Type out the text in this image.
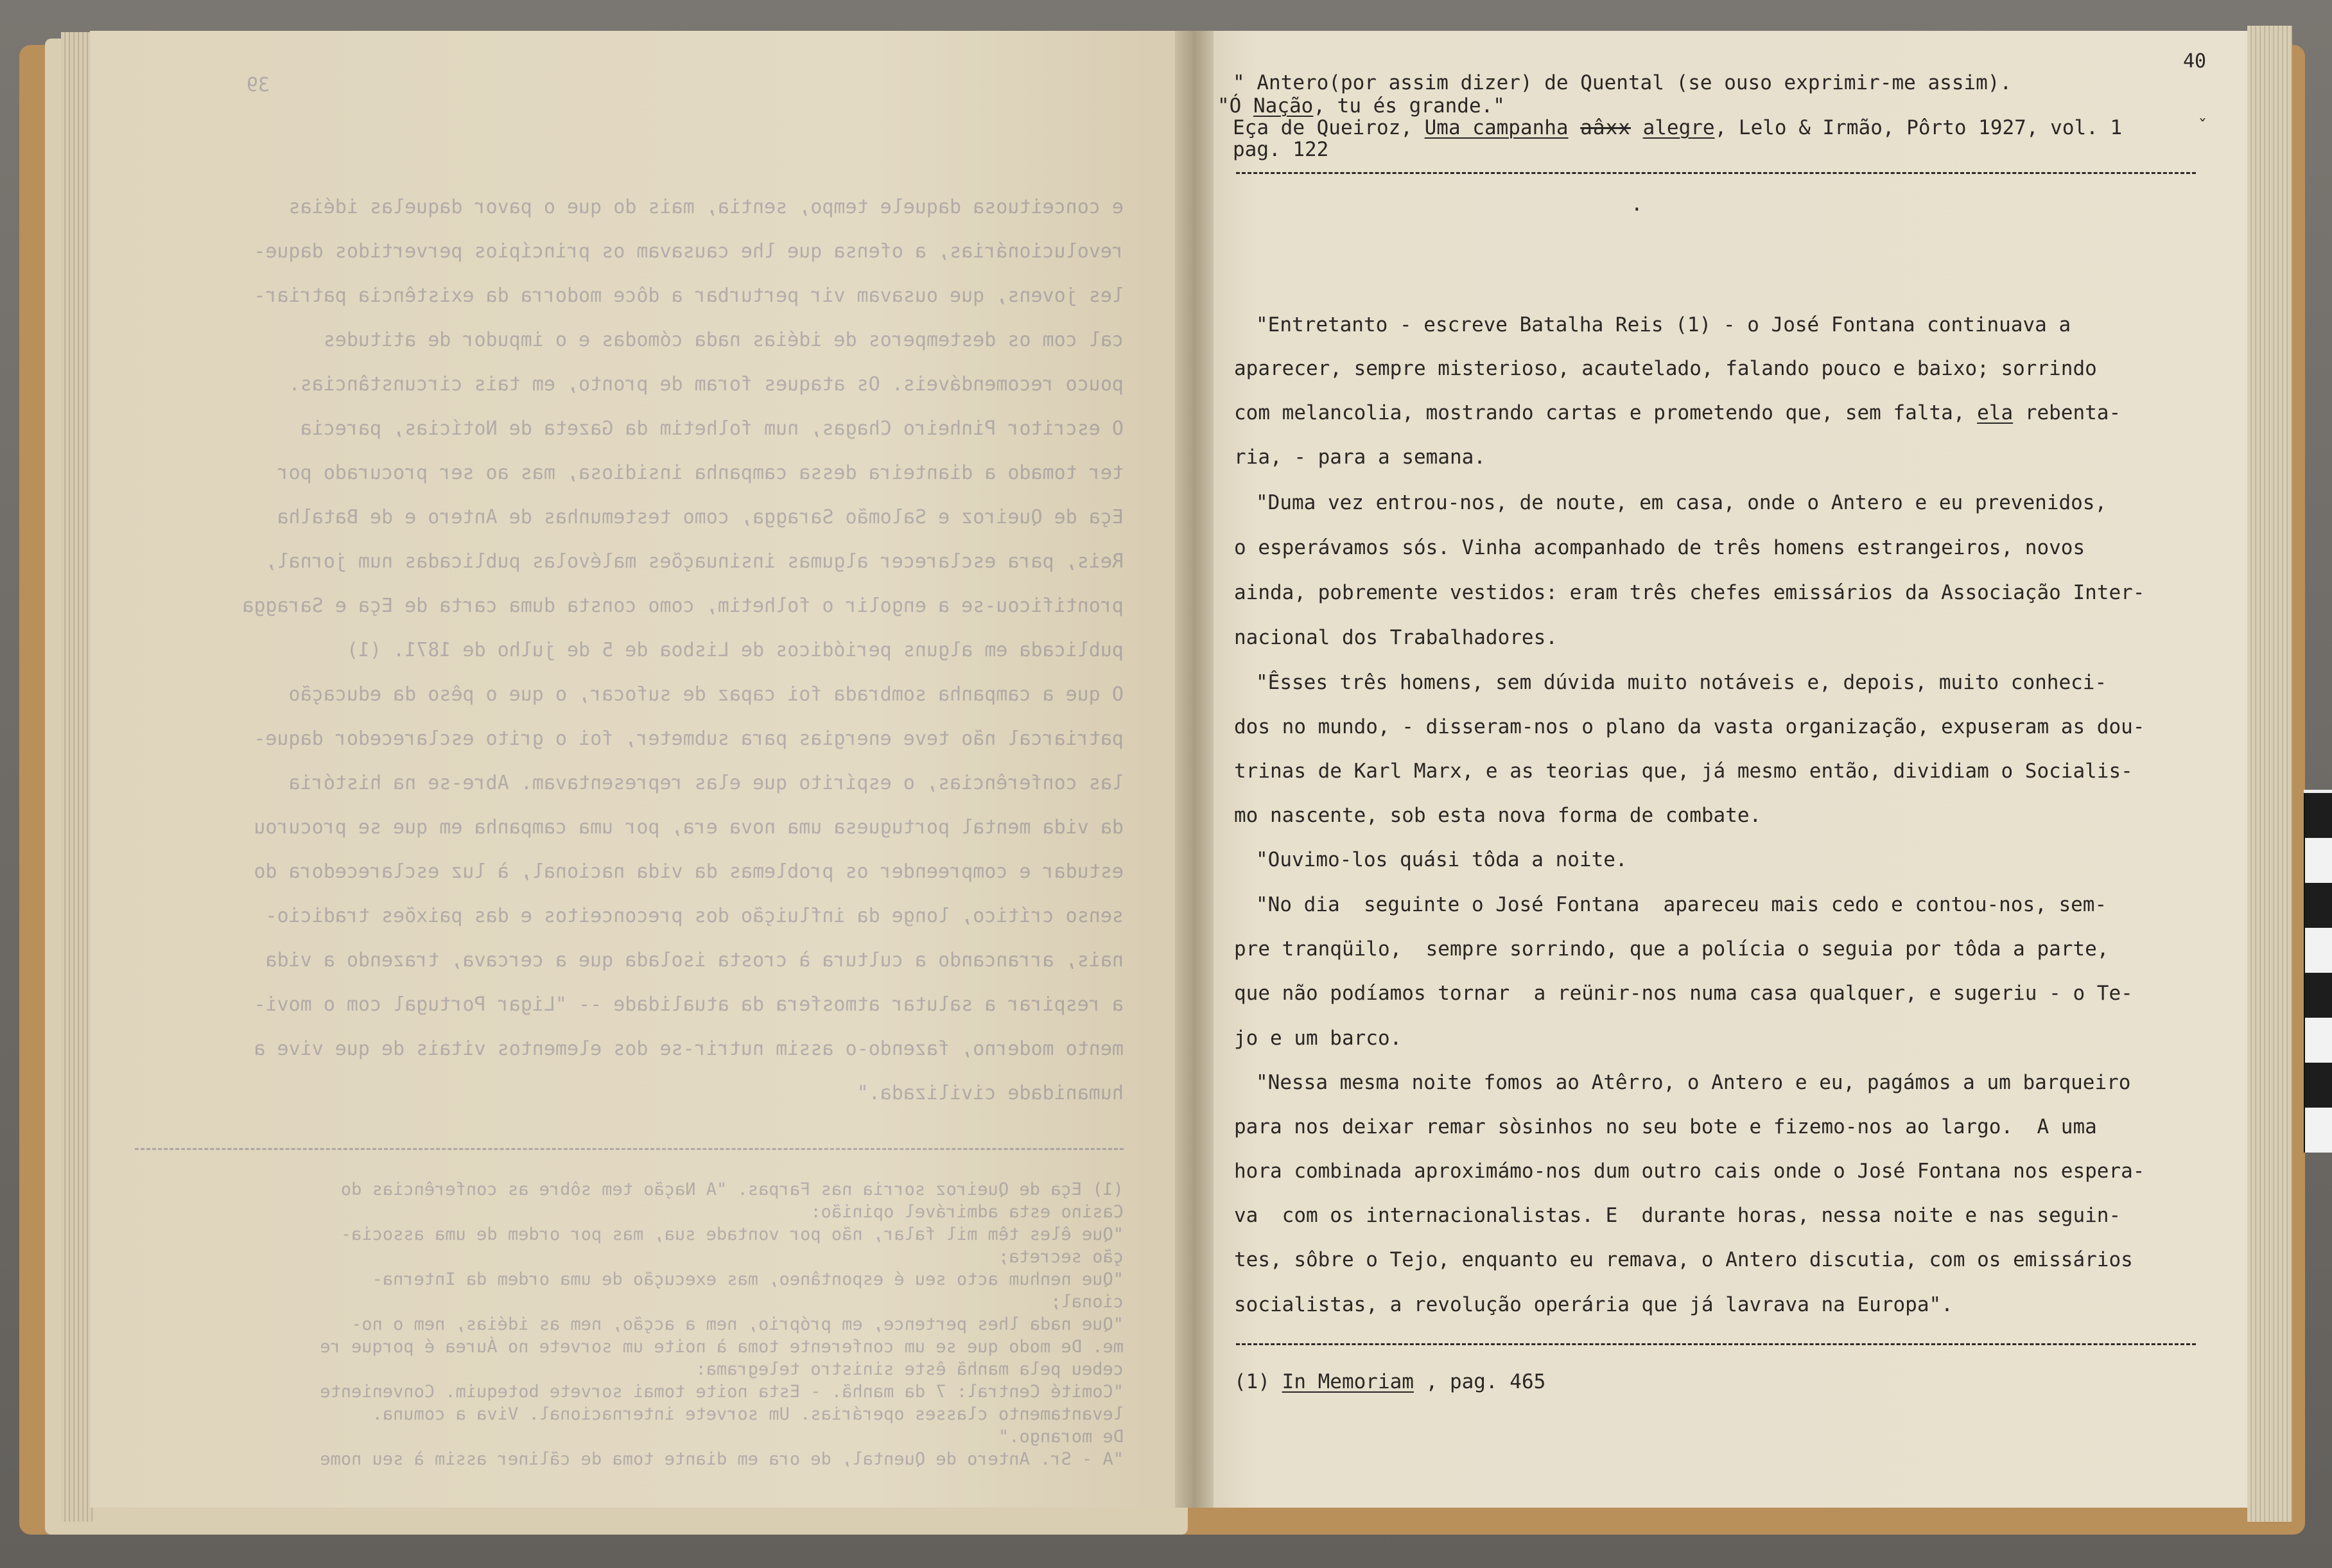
39
e conceituosa daquele tempo, sentia, mais do que o pavor daquelas idéias
revolucionárias, a ofensa que lhe causavam os princípios pervertidos daque-
les jovens, que ousavam vir perturbar a dôce modorra da existência patriar-
cal com os destemperos de idéias nada cómodas e o impudor de atitudes
pouco recomendáveis. Os ataques foram de pronto, em tais circunstâncias.
O escritor Pinheiro Chagas, num folhetim da Gazeta de Notícias, parecia
ter tomado a dianteira dessa campanha insidiosa, mas ao ser procurado por
Eça de Queiroz e Salomão Saragga, como testemunhas de Antero e de Batalha
Reis, para esclarecer algumas insinuações malévolas publicadas num jornal,
prontificou-se a engolir o folhetim, como consta duma carta de Eça e Saragga
publicada em alguns periódicos de Lisboa de 5 de julho de 1871. (1)
O que a campanha sombrada foi capaz de sufocar, o que o pêso da educação
patriarcal não teve energias para submeter, foi o grito esclarecedor daque-
las conferências, o espírito que elas representavam. Abre-se na história
da vida mental portuguesa uma nova era, por uma campanha em que se procurou
estudar e compreender os problemas da vida nacional, à luz esclarecedora do
senso crítico, longe da influição dos preconceitos e das paixões tradicio-
nais, arrancando a cultura à crosta isolada que a cercava, trazendo a vida
a respirar a salutar atmosfera da atualidade -- "Ligar Portugal com o movi-
mento moderno, fazendo-o assim nutrir-se dos elementos vitais de que vive a
humanidade civilizada."
(1) Eça de Queiroz sorria nas Farpas. "A Nação tem sôbre as conferências do
Casino esta admirável opinião:
"Que êles têm mil falar, não por vontade sua, mas por ordem de uma associa-
ção secreta;
"Que nenhum acto seu é espontâneo, mas execução de uma ordem da Interna-
cional;
"Que nada lhes pertence, em próprio, nem a acção, nem as idéias, nem o no-
me. De modo que se um conferente toma à noite um sorvete no Áurea é porque re
cebeu pela manhã êste sinistro telegrama:
"Comité Central: 7 da manhã. - Esta noite tomai sorvete botequim. Conveniente
levantamento classes operárias. Um sorvete internacional. Viva a comuna.
De morango."
"A - Sr. Antero de Quental, de ora em diante toma de cãliner assim à seu nome

40
" Antero(por assim dizer) de Quental (se ouso exprimir-me assim).
"Ó Nação, tu és grande."
Eça de Queiroz, Uma campanha aâxx alegre, Lelo & Irmão, Pôrto 1927, vol. 1
pag. 122
.
"Entretanto - escreve Batalha Reis (1) - o José Fontana continuava a
aparecer, sempre misterioso, acautelado, falando pouco e baixo; sorrindo
com melancolia, mostrando cartas e prometendo que, sem falta, ela rebenta-
ria, - para a semana.
"Duma vez entrou-nos, de noute, em casa, onde o Antero e eu prevenidos,
o esperávamos sós. Vinha acompanhado de três homens estrangeiros, novos
ainda, pobremente vestidos: eram três chefes emissários da Associação Inter-
nacional dos Trabalhadores.
"Êsses três homens, sem dúvida muito notáveis e, depois, muito conheci-
dos no mundo, - disseram-nos o plano da vasta organização, expuseram as dou-
trinas de Karl Marx, e as teorias que, já mesmo então, dividiam o Socialis-
mo nascente, sob esta nova forma de combate.
"Ouvimo-los quási tôda a noite.
"No dia  seguinte o José Fontana  apareceu mais cedo e contou-nos, sem-
pre tranqüilo,  sempre sorrindo, que a polícia o seguia por tôda a parte,
que não podíamos tornar  a reünir-nos numa casa qualquer, e sugeriu - o Te-
jo e um barco.
"Nessa mesma noite fomos ao Atêrro, o Antero e eu, pagámos a um barqueiro
para nos deixar remar sòsinhos no seu bote e fizemo-nos ao largo.  A uma
hora combinada aproximámo-nos dum outro cais onde o José Fontana nos espera-
va  com os internacionalistas. E  durante horas, nessa noite e nas seguin-
tes, sôbre o Tejo, enquanto eu remava, o Antero discutia, com os emissários
socialistas, a revolução operária que já lavrava na Europa".
(1) In Memoriam , pag. 465
ˇ
